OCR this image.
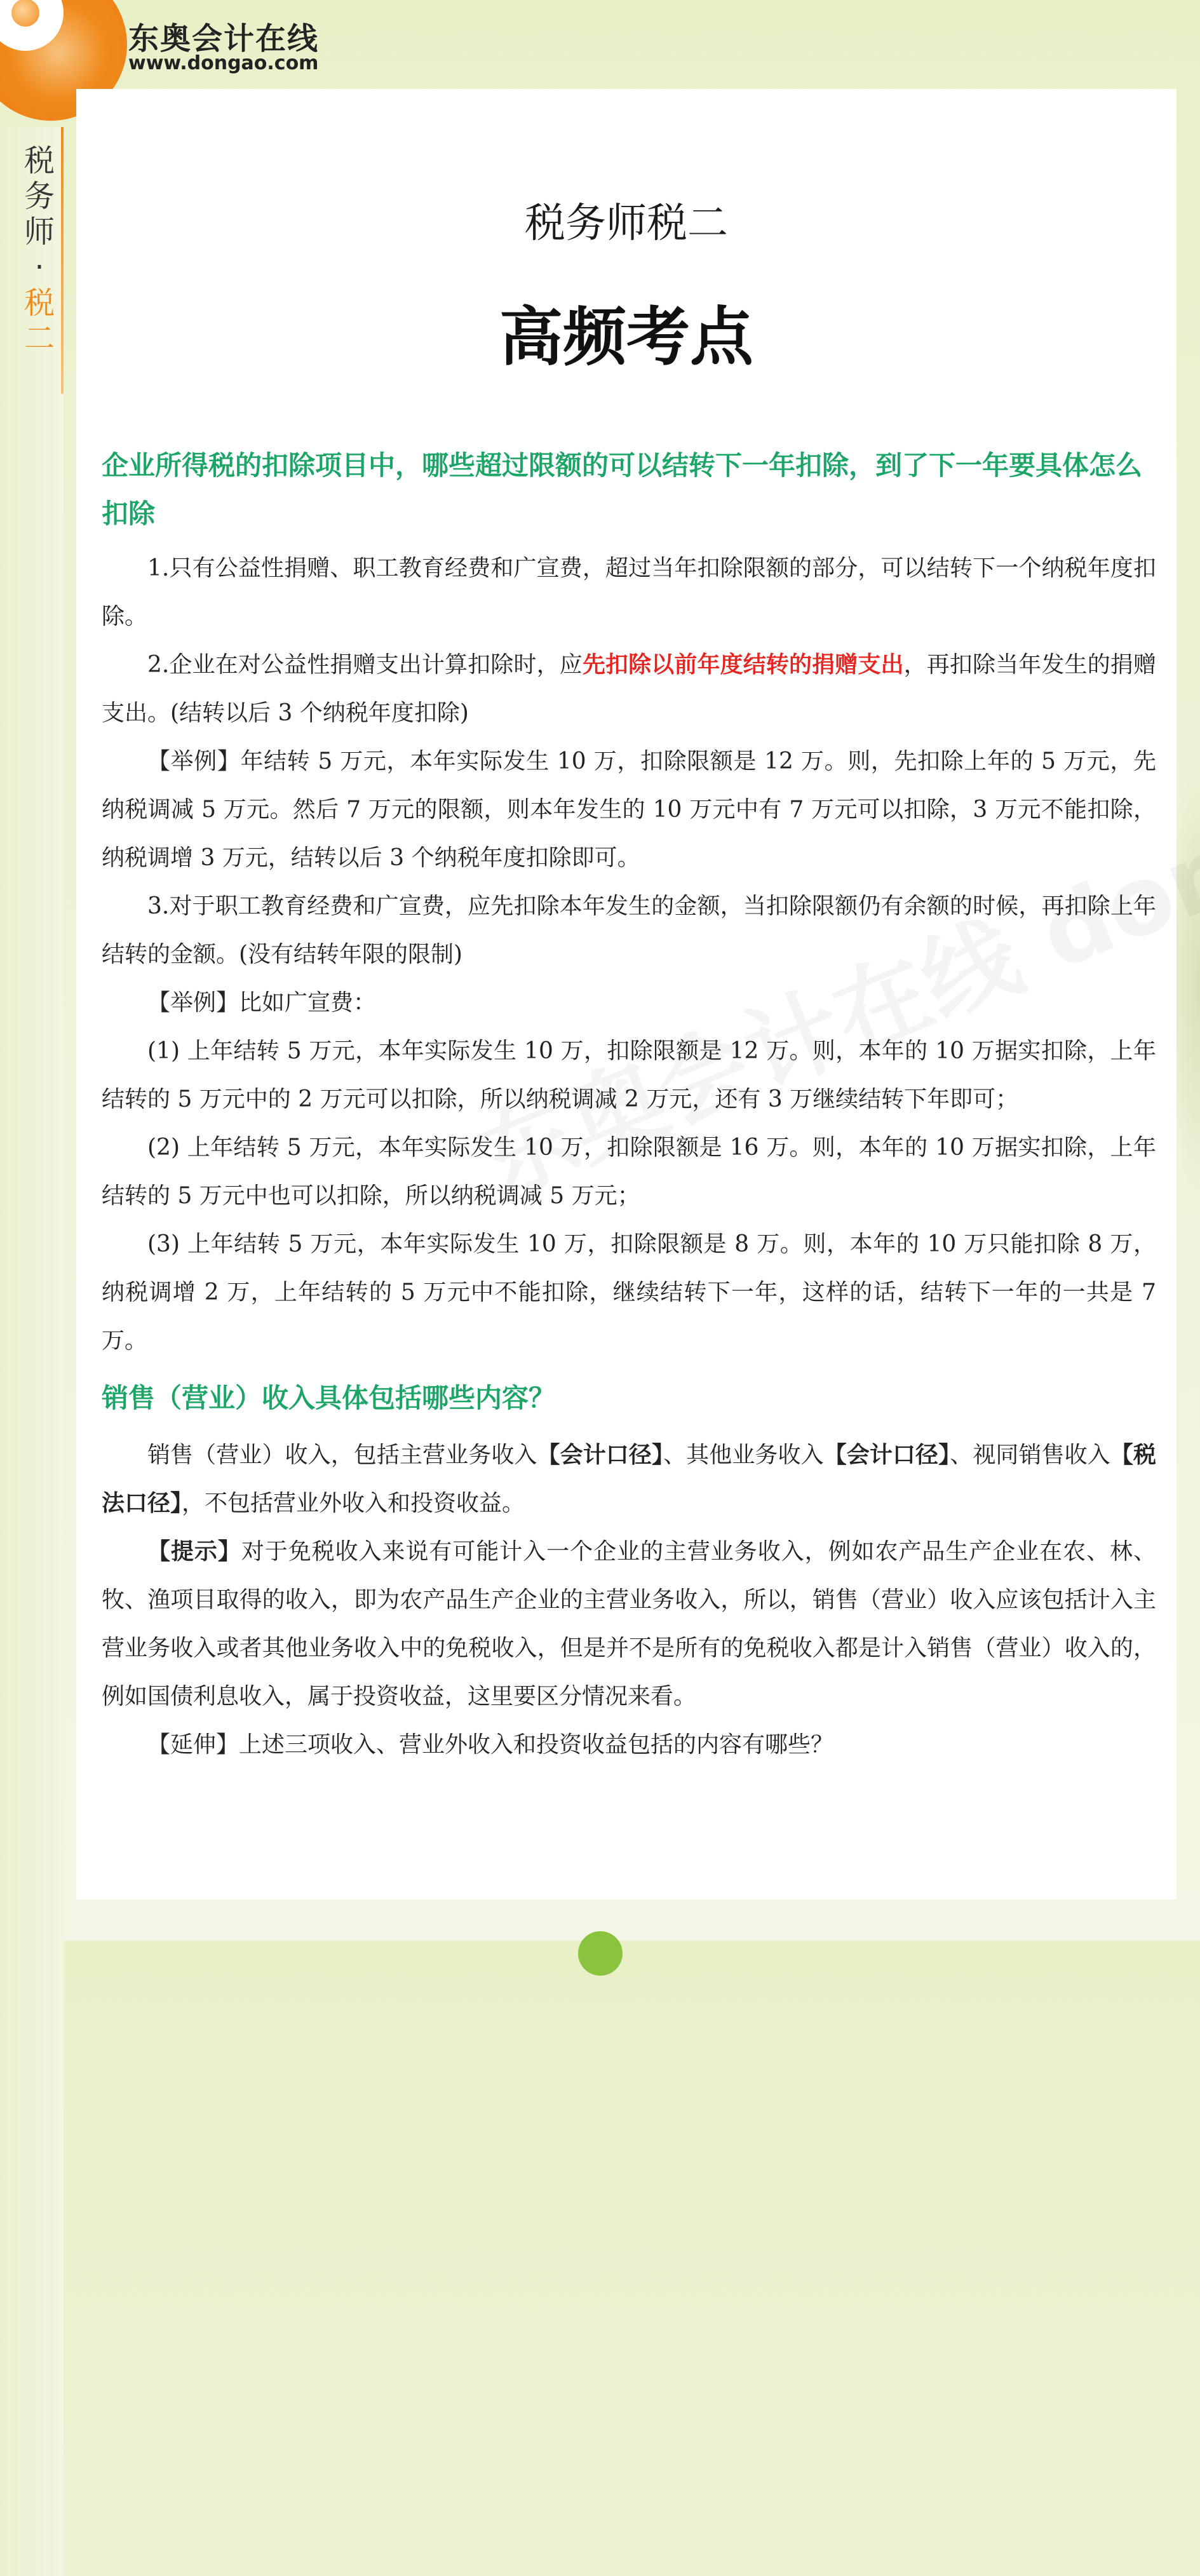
东奥会计在线
www.dongao.com
税
务
师
·
税
二
税务师税二
高频考点
企业所得税的扣除项目中，哪些超过限额的可以结转下一年扣除，到了下一年要具体怎么扣除

1.只有公益性捐赠、职工教育经费和广宣费，超过当年扣除限额的部分，可以结转下一个纳税年度扣除。

2.企业在对公益性捐赠支出计算扣除时，应先扣除以前年度结转的捐赠支出，再扣除当年发生的捐赠支出。(结转以后 3 个纳税年度扣除)

【举例】年结转 5 万元，本年实际发生 10 万，扣除限额是 12 万。则，先扣除上年的 5 万元，先纳税调减 5 万元。然后 7 万元的限额，则本年发生的 10 万元中有 7 万元可以扣除，3 万元不能扣除，纳税调增 3 万元，结转以后 3 个纳税年度扣除即可。

3.对于职工教育经费和广宣费，应先扣除本年发生的金额，当扣除限额仍有余额的时候，再扣除上年结转的金额。(没有结转年限的限制)

【举例】比如广宣费：

(1) 上年结转 5 万元，本年实际发生 10 万，扣除限额是 12 万。则，本年的 10 万据实扣除，上年结转的 5 万元中的 2 万元可以扣除，所以纳税调减 2 万元，还有 3 万继续结转下年即可；

(2) 上年结转 5 万元，本年实际发生 10 万，扣除限额是 16 万。则，本年的 10 万据实扣除，上年结转的 5 万元中也可以扣除，所以纳税调减 5 万元；

(3) 上年结转 5 万元，本年实际发生 10 万，扣除限额是 8 万。则，本年的 10 万只能扣除 8 万，纳税调增 2 万，上年结转的 5 万元中不能扣除，继续结转下一年，这样的话，结转下一年的一共是 7 万。

销售（营业）收入具体包括哪些内容？

销售（营业）收入，包括主营业务收入【会计口径】、其他业务收入【会计口径】、视同销售收入【税法口径】，不包括营业外收入和投资收益。

【提示】对于免税收入来说有可能计入一个企业的主营业务收入，例如农产品生产企业在农、林、牧、渔项目取得的收入，即为农产品生产企业的主营业务收入，所以，销售（营业）收入应该包括计入主营业务收入或者其他业务收入中的免税收入，但是并不是所有的免税收入都是计入销售（营业）收入的，例如国债利息收入，属于投资收益，这里要区分情况来看。

【延伸】上述三项收入、营业外收入和投资收益包括的内容有哪些？
